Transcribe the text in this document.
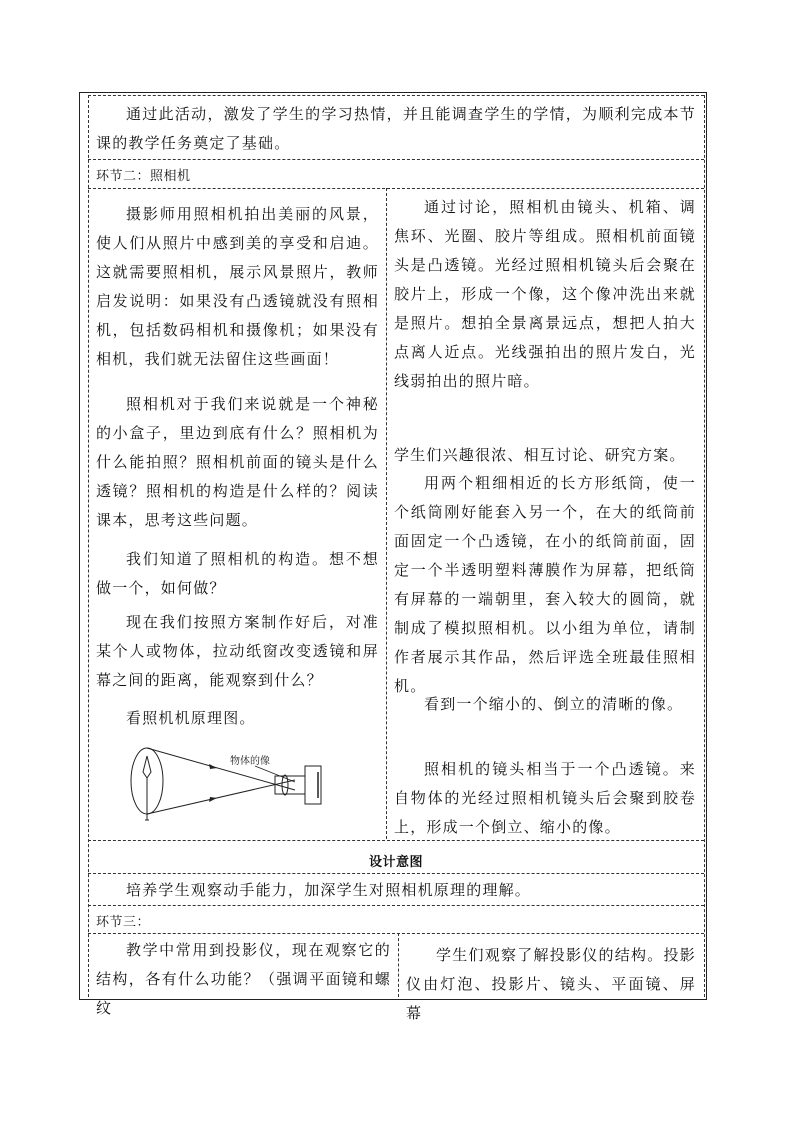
通过此活动，激发了学生的学习热情，并且能调查学生的学情，为顺利完成本节课的教学任务奠定了基础。

环节二：照相机

摄影师用照相机拍出美丽的风景，使人们从照片中感到美的享受和启迪。这就需要照相机，展示风景照片，教师启发说明：如果没有凸透镜就没有照相机，包括数码相机和摄像机；如果没有相机，我们就无法留住这些画面！

照相机对于我们来说就是一个神秘的小盒子，里边到底有什么？照相机为什么能拍照？照相机前面的镜头是什么透镜？照相机的构造是什么样的？阅读课本，思考这些问题。

我们知道了照相机的构造。想不想做一个，如何做？

现在我们按照方案制作好后，对准某个人或物体，拉动纸窗改变透镜和屏幕之间的距离，能观察到什么？

看照机机原理图。

物体的像

通过讨论，照相机由镜头、机箱、调焦环、光圈、胶片等组成。照相机前面镜头是凸透镜。光经过照相机镜头后会聚在胶片上，形成一个像，这个像冲洗出来就是照片。想拍全景离景远点，想把人拍大点离人近点。光线强拍出的照片发白，光线弱拍出的照片暗。

学生们兴趣很浓、相互讨论、研究方案。

用两个粗细相近的长方形纸筒，使一个纸筒刚好能套入另一个，在大的纸筒前面固定一个凸透镜，在小的纸筒前面，固定一个半透明塑料薄膜作为屏幕，把纸筒有屏幕的一端朝里，套入较大的圆筒，就制成了模拟照相机。以小组为单位，请制作者展示其作品，然后评选全班最佳照相机。

看到一个缩小的、倒立的清晰的像。

照相机的镜头相当于一个凸透镜。来自物体的光经过照相机镜头后会聚到胶卷上，形成一个倒立、缩小的像。

设计意图

培养学生观察动手能力，加深学生对照相机原理的理解。

环节三：

教学中常用到投影仪，现在观察它的结构，各有什么功能？（强调平面镜和螺纹

学生们观察了解投影仪的结构。投影仪由灯泡、投影片、镜头、平面镜、屏幕
